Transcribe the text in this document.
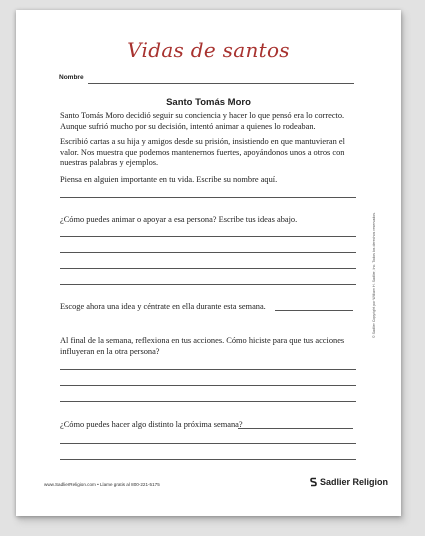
Vidas de santos
Nombre
Santo Tomás Moro
Santo Tomás Moro decidió seguir su conciencia y hacer lo que pensó era lo correcto. Aunque sufrió mucho por su decisión, intentó animar a quienes lo rodeaban.
Escribió cartas a su hija y amigos desde su prisión, insistiendo en que mantuvieran el valor. Nos muestra que podemos mantenernos fuertes, apoyándonos unos a otros con nuestras palabras y ejemplos.
Piensa en alguien importante en tu vida. Escribe su nombre aquí.
¿Cómo puedes animar o apoyar a esa persona? Escribe tus ideas abajo.
Escoge ahora una idea y céntrate en ella durante esta semana.
Al final de la semana, reflexiona en tus acciones. Cómo hiciste para que tus acciones influyeran en la otra persona?
¿Cómo puedes hacer algo distinto la próxima semana?
© Sadlier Copyright por William H. Sadlier, Inc. Todos los derechos reservados.
www.SadlierReligion.com • Llame gratis al 800-221-5175	Sadlier Religion
